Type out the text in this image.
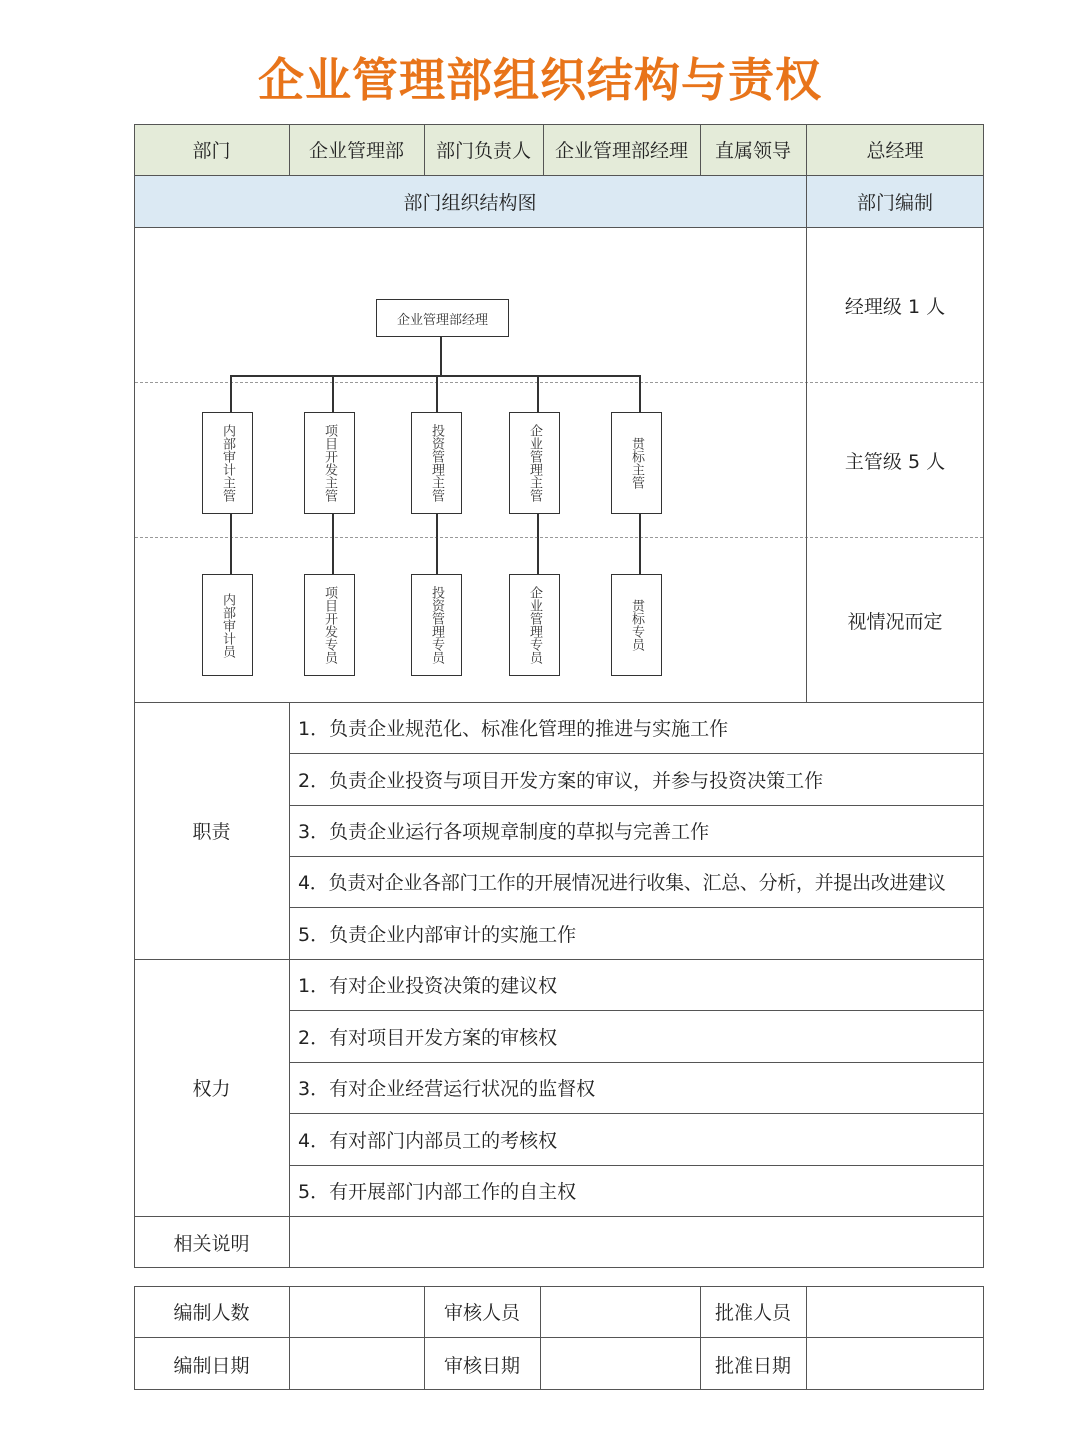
企业管理部组织结构与责权
部门	企业管理部	部门负责人	企业管理部经理	直属领导	总经理
部门组织结构图	部门编制
经理级 1 人
主管级 5 人
视情况而定
企业管理部经理
内部审计主管	项目开发主管	投资管理主管	企业管理主管	贯标主管
内部审计员	项目开发专员	投资管理专员	企业管理专员	贯标专员
职责
1．负责企业规范化、标准化管理的推进与实施工作
2．负责企业投资与项目开发方案的审议，并参与投资决策工作
3．负责企业运行各项规章制度的草拟与完善工作
4．负责对企业各部门工作的开展情况进行收集、汇总、分析，并提出改进建议
5．负责企业内部审计的实施工作
权力
1．有对企业投资决策的建议权
2．有对项目开发方案的审核权
3．有对企业经营运行状况的监督权
4．有对部门内部员工的考核权
5．有开展部门内部工作的自主权
相关说明
编制人数	审核人员	批准人员
编制日期	审核日期	批准日期
